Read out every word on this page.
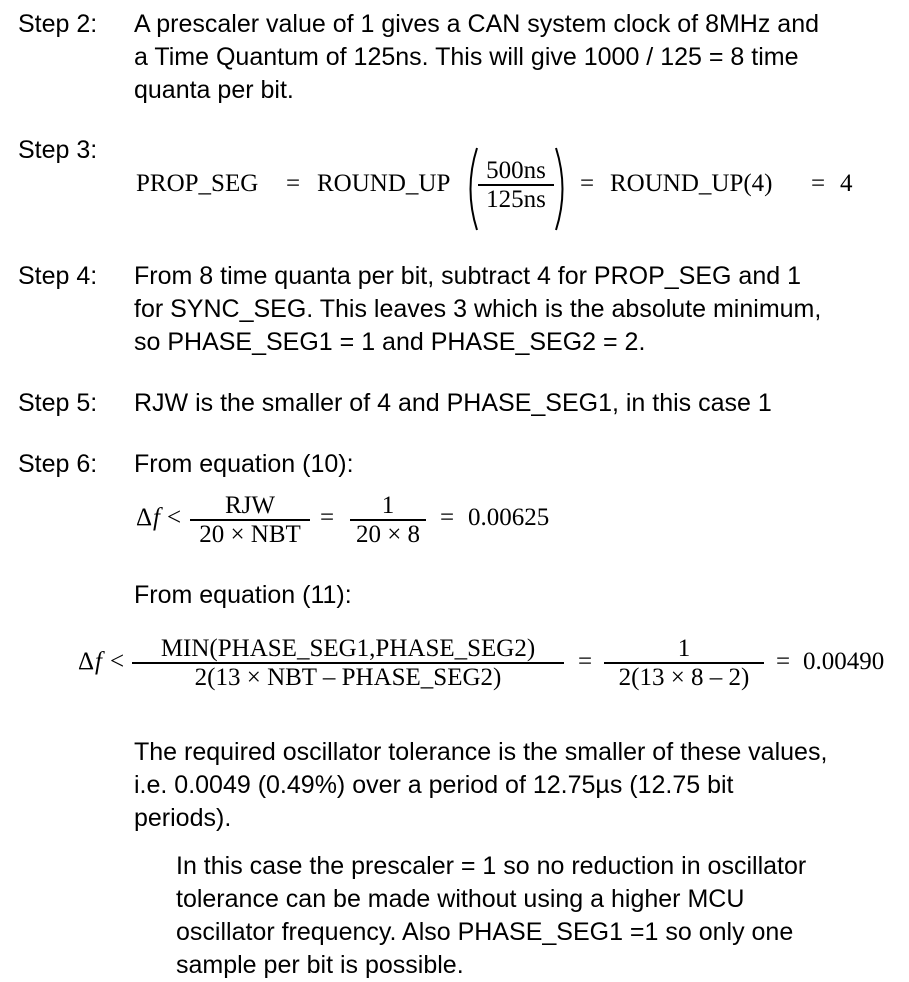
Step 2: A prescaler value of 1 gives a CAN system clock of 8MHz and
a Time Quantum of 125ns. This will give 1000 / 125 = 8 time
quanta per bit.
Step 3:
PROP_SEG = ROUND_UP $\frac{500ns}{125ns}$ = ROUND_UP(4) = 4
Step 4: From 8 time quanta per bit, subtract 4 for PROP_SEG and 1
for SYNC_SEG. This leaves 3 which is the absolute minimum,
so PHASE_SEG1 = 1 and PHASE_SEG2 = 2.
Step 5: RJW is the smaller of 4 and PHASE_SEG1, in this case 1
Step 6: From equation (10):
Δ f <	RJW
20 × NBT
= $\frac{1}{20 \times 8} = 0.00625$
From equation (11):
Δ f <	MIN(PHASE_SEG1,PHASE_SEG2)
2(13 × NBT – PHASE_SEG2)
= $\frac{1}{2(13 \times 8 - 2)} = 0.00490$
The required oscillator tolerance is the smaller of these values,
i.e. 0.0049 (0.49%) over a period of 12.75µs (12.75 bit
periods).
In this case the prescaler = 1 so no reduction in oscillator
tolerance can be made without using a higher MCU
oscillator frequency. Also PHASE_SEG1 =1 so only one
sample per bit is possible.
